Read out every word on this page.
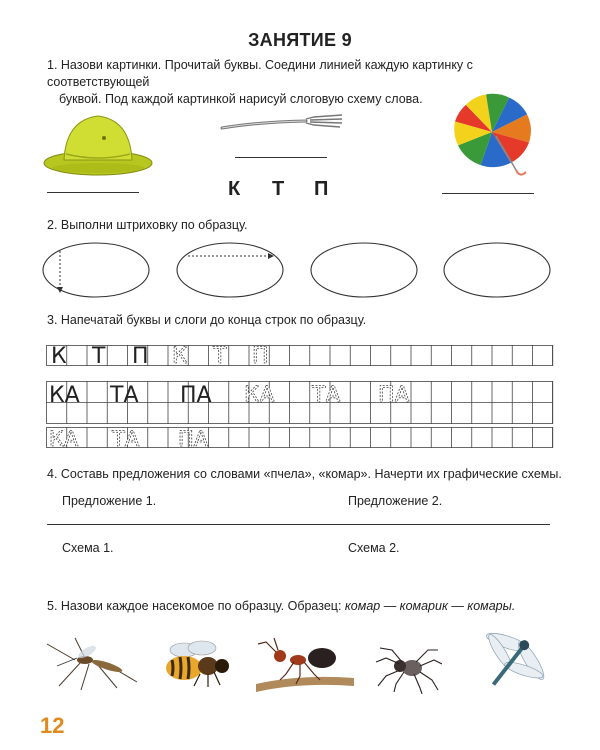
ЗАНЯТИЕ 9
1. Назови картинки. Прочитай буквы. Соедини линией каждую картинку с соответствующей
буквой. Под каждой картинкой нарисуй слоговую схему слова.
К Т П
2. Выполни штриховку по образцу.
3. Напечатай буквы и слоги до конца строк по образцу.
К Т П К Т П
КА ТА ПА КА ТА ПА
КА ТА ПА
4. Составь предложения со словами «пчела», «комар». Начерти их графические схемы.
Предложение 1.	Предложение 2.
Схема 1.	Схема 2.
5. Назови каждое насекомое по образцу. Образец: комар — комарик — комары.
12
